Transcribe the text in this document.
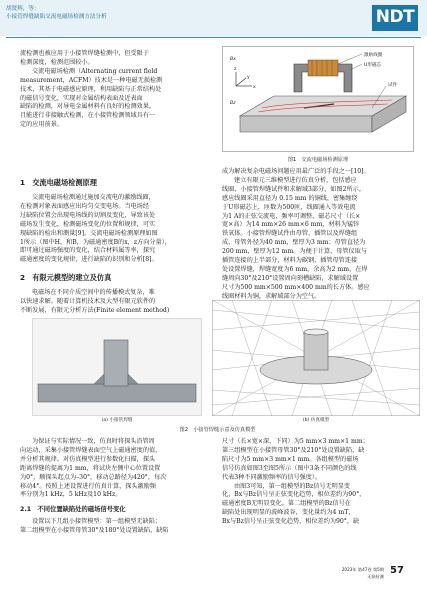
胡贤辉，等：
小接管焊缝缺陷交流电磁场检测方法分析	NDT
流检测也被应用于小接管焊缝检测中，但受限于
检测深度，检测范围较小。
交流电磁场检测（Alternating current field
measurement，ACFM）技术是一种电磁无损检测
技术，其基于电磁感应原理，利用缺陷与正常结构处
的磁信号变化，实现对金属结构表面及近表面
缺陷的检测，对导电金属材料有良好的检测效果，
且能进行非接触式检测，在小接管检测领域具有一
定的应用前景。
1　交流电磁场检测原理
交流电磁场检测通过施加交流电的激励线圈，
在检测对象表面感应出均匀交变电场。当电场经
过缺陷位置会出现电场线的切割及变化，导致该处
磁场发生变化，检测磁场变化的位置和规律，可实
现缺陷的检出和测量[9]。交流电磁场检测原理如图
1所示（图中H，和B，为磁通密度B的x，z方向分量），
即可通过磁场强度的变化，结合材料属等率，探究
磁通密度的变化规律，进行缺陷的识别和分析[8]。
2　有限元模型的建立及仿真
电磁场在不同介质空间中的传播模式复杂，难
以快速求解。随着计算机技术及大型有限元软件的
不断发展，有限元分析方法(Finite element method)
激励线圈
U形磁芯
试件
x
z
y
Bx
Bz
图1　交流电磁场检测原理
成为解决复杂电磁场问题应用最广泛的手段之一[10]。
建立有限元三维模型进行仿真分析，包括感应
线圈、小接管焊缝试件和求解域3部分，如图2所示。
感应线圈采用直径为 0.15 mm 的铜线，密集缠绕
于U形磁芯上，匝数为500匝，线圈通入等效电流
为1 A的正弦交流电，频率可调整，磁芯尺寸（长×
宽×高）为14 mm×26 mm×6 mm，材料为锰锌
铁氧体。小接管焊缝试件由母管、插管以及焊缝组
成，母管外径为40 mm，壁厚为3 mm；母管直径为
200 mm，壁厚为12 mm。为便于计算，母管仪取与
插管连接的上半部分，材料为碳钢，插管母管连接
处设置焊缝，焊缝宽度为6 mm，余高为2 mm，在焊
缝周向30°及210°设置周向刻槽缺陷，求解域设置
尺寸为500 mm×500 mm×400 mm的长方体。感应
线圈材料为铜，求解域部分为空气。
(a) 小接管焊缝	(b) 仿真模型
图2　小接管焊缝示意及仿真模型
为保证与实际情况一致，仿真时将探头沿管周
向运动，采集小接管焊缝表面空气上磁通密度的值，
并分析其规律。对仿真模型进行参数化扫描，探头
距离焊缝的提离为1 mm，将试块左侧中心位置设置
为0°，顺探头起点为–30°，移动总路径为420°，每次
移动4°。按照上述设置进行仿真计算，探头激励频
率分别为1 kHz，5 kHz及10 kHz。
2.1　不同位置缺陷处的磁场信号变化
设置以下几组小接管模型：第一组模型无缺陷；
第二组模型在小接管母管30°及180°处设置缺陷，缺陷
尺寸（长×宽×深，下同）为5 mm×3 mm×1 mm；
第三组模型在小接管母管30°及210°处设置缺陷，缺
陷尺寸为5 mm×3 mm×1 mm。各组模型的磁场
信号仿真如图3至图5所示（图中3条不同颜色的线
代表3种不同激励频率的信号强度）。
由图3可知，第一组模型的Bz信号无明显变
化，Bx与Bz信号呈正弦变化趋势，相位差约为90°，
磁通密度B无明显变化。第二组模型的Bz信号在
缺陷处出现明显的波峰波谷，变化量约为4 mT，
Bx与Bz信号呈正弦变化趋势，相位差约为90°，缺
2023年 第47卷 第5期
无损检测
57
